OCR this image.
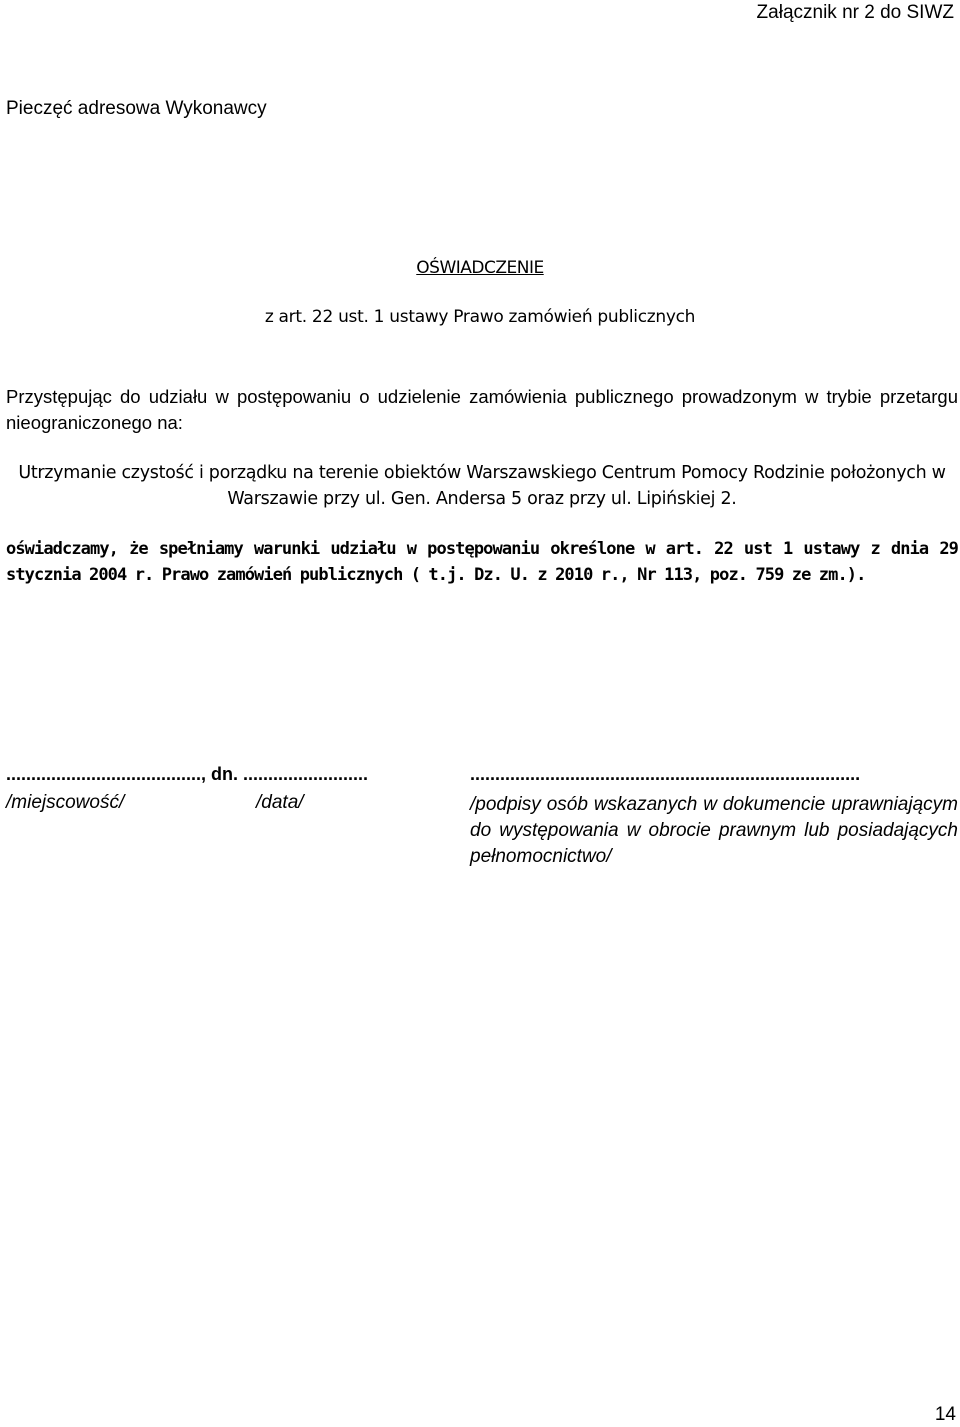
Załącznik nr 2 do SIWZ
Pieczęć adresowa Wykonawcy
OŚWIADCZENIE
z art. 22 ust. 1 ustawy Prawo zamówień publicznych

Przystępując do udziału w postępowaniu o udzielenie zamówienia publicznego prowadzonym w trybie przetargu nieograniczonego na:

Utrzymanie czystość i porządku na terenie obiektów Warszawskiego Centrum Pomocy Rodzinie położonych w Warszawie przy ul. Gen. Andersa 5 oraz przy ul. Lipińskiej 2.

oświadczamy, że spełniamy warunki udziału w postępowaniu określone w art. 22 ust 1 ustawy z dnia 29 stycznia 2004 r. Prawo zamówień publicznych ( t.j. Dz. U. z 2010 r., Nr 113, poz. 759 ze zm.).

......................................., dn. .........................	..............................................................................
/miejscowość/	/data/	/podpisy osób wskazanych w dokumencie uprawniającym do występowania w obrocie prawnym lub posiadających pełnomocnictwo/
14
